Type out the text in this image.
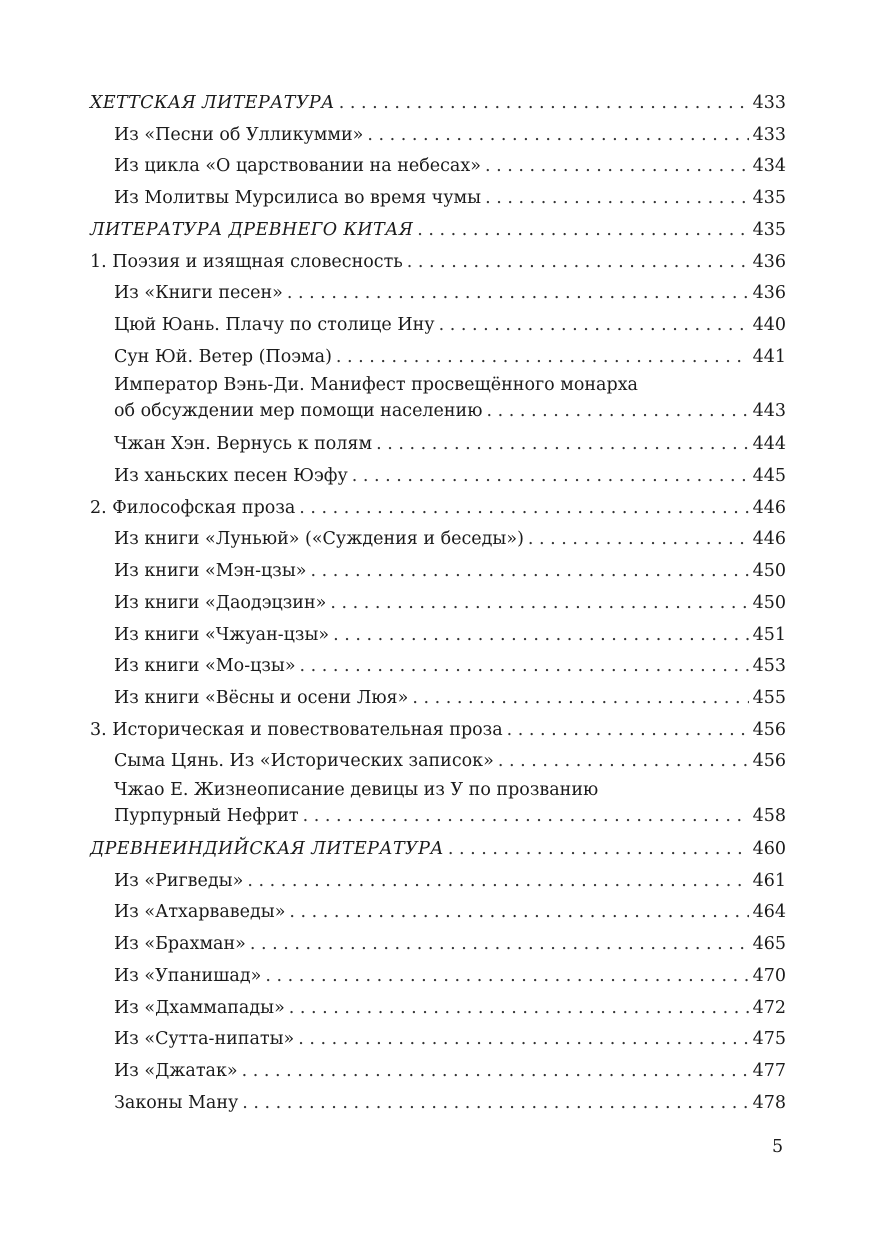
ХЕТТСКАЯ ЛИТЕРАТУРА . . .	433
Из «Песни об Улликумми» . . .	433
Из цикла «О царствовании на небесах» . . .	434
Из Молитвы Мурсилиса во время чумы . . .	435
ЛИТЕРАТУРА ДРЕВНЕГО КИТАЯ . . .	435
1. Поэзия и изящная словесность . . .	436
Из «Книги песен» . . .	436
Цюй Юань. Плачу по столице Ину . . .	440
Сун Юй. Ветер (Поэма) . . .	441
Император Вэнь-Ди. Манифест просвещённого монарха
об обсуждении мер помощи населению . . .	443
Чжан Хэн. Вернусь к полям . . .	444
Из ханьских песен Юэфу . . .	445
2. Философская проза . . .	446
Из книги «Луньюй» («Суждения и беседы») . . .	446
Из книги «Мэн-цзы» . . .	450
Из книги «Даодэцзин» . . .	450
Из книги «Чжуан-цзы» . . .	451
Из книги «Мо-цзы» . . .	453
Из книги «Вёсны и осени Люя» . . .	455
3. Историческая и повествовательная проза . . .	456
Сыма Цянь. Из «Исторических записок» . . .	456
Чжао Е. Жизнеописание девицы из У по прозванию
Пурпурный Нефрит . . .	458
ДРЕВНЕИНДИЙСКАЯ ЛИТЕРАТУРА . . .	460
Из «Ригведы» . . .	461
Из «Атхарваведы» . . .	464
Из «Брахман» . . .	465
Из «Упанишад» . . .	470
Из «Дхаммапады» . . .	472
Из «Сутта-нипаты» . . .	475
Из «Джатак» . . .	477
Законы Ману . . .	478
5
